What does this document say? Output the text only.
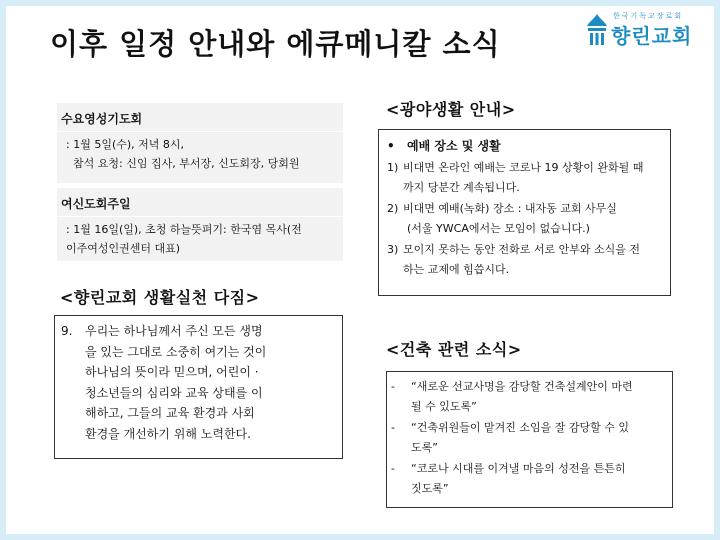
이후 일정 안내와 에큐메니칼 소식
한국기독교장로회
향린교회
수요영성기도회
: 1월 5일(수), 저녁 8시,
참석 요청: 신임 집사, 부서장, 신도회장, 당회원
여신도회주일
: 1월 16일(일), 초청 하늘뜻펴기: 한국염 목사(전
이주여성인권센터 대표)
<광야생활 안내>
• 예배 장소 및 생활
1) 비대면 온라인 예배는 코로나 19 상황이 완화될 때
까지 당분간 계속됩니다.
2) 비대면 예배(녹화) 장소 : 내자동 교회 사무실
(서울 YWCA에서는 모임이 없습니다.)
3) 모이지 못하는 동안 전화로 서로 안부와 소식을 전
하는 교제에 힘씁시다.
<향린교회 생활실천 다짐>
9.	우리는 하나님께서 주신 모든 생명
을 있는 그대로 소중히 여기는 것이
하나님의 뜻이라 믿으며, 어린이 ·
청소년들의 심리와 교육 상태를 이
해하고, 그들의 교육 환경과 사회
환경을 개선하기 위해 노력한다.
<건축 관련 소식>
-	“새로운 선교사명을 감당할 건축설계안이 마련
될 수 있도록”
-	“건축위원들이 맡겨진 소임을 잘 감당할 수 있
도록”
-	“코로나 시대를 이겨낼 마음의 성전을 튼튼히
짓도록”
